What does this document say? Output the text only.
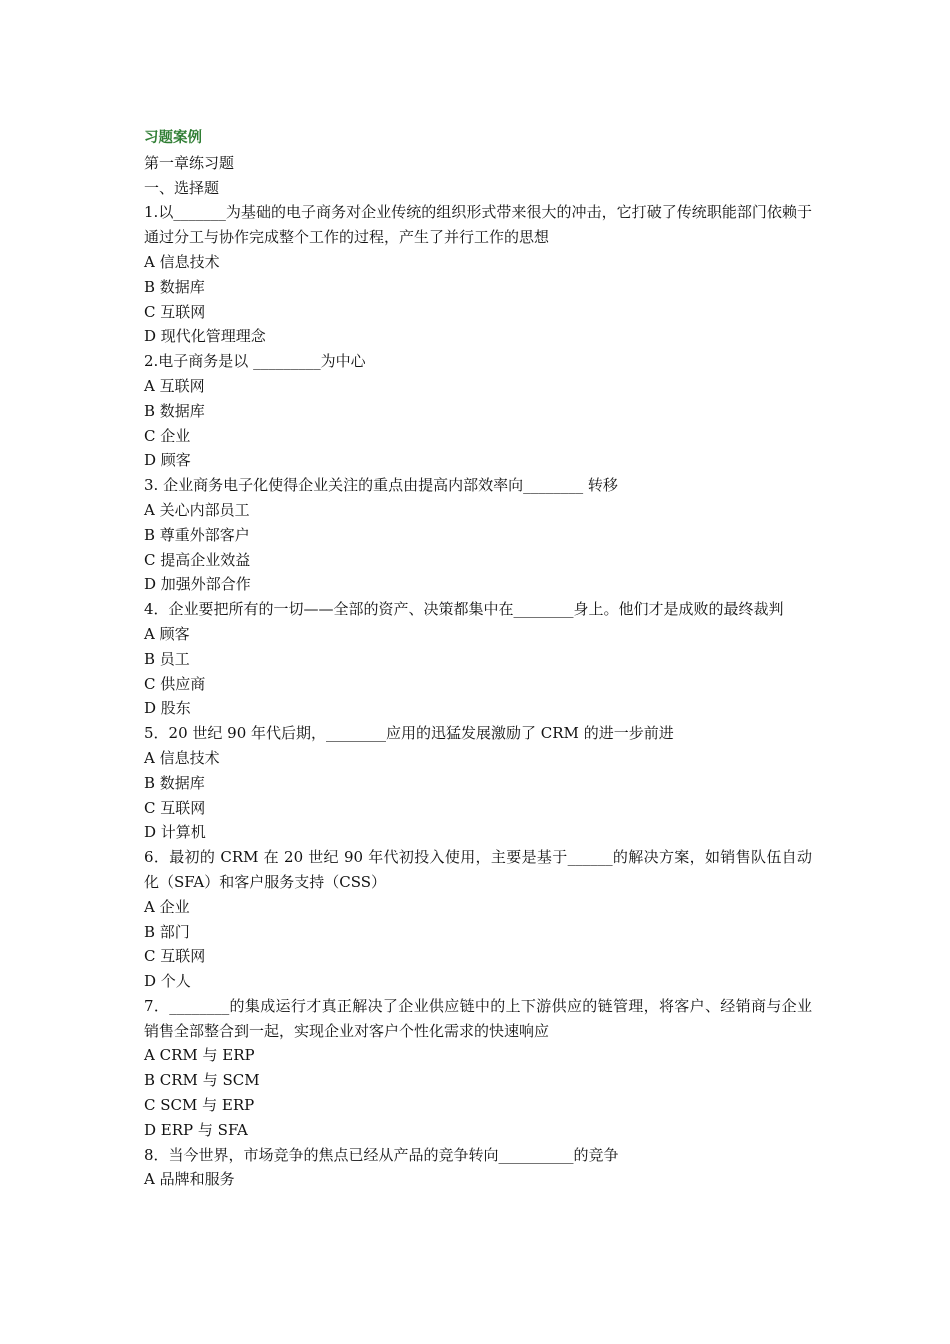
习题案例
第一章练习题
一、选择题
1.以_______为基础的电子商务对企业传统的组织形式带来很大的冲击，它打破了传统职能部门依赖于通过分工与协作完成整个工作的过程，产生了并行工作的思想
A 信息技术
B 数据库
C 互联网
D 现代化管理理念
2.电子商务是以 _________为中心
A 互联网
B 数据库
C 企业
D 顾客
3. 企业商务电子化使得企业关注的重点由提高内部效率向________ 转移
A 关心内部员工
B 尊重外部客户
C 提高企业效益
D 加强外部合作
4．企业要把所有的一切——全部的资产、决策都集中在________身上。他们才是成败的最终裁判
A 顾客
B 员工
C 供应商
D 股东
5．20 世纪 90 年代后期，________应用的迅猛发展激励了 CRM 的进一步前进
A 信息技术
B 数据库
C 互联网
D 计算机
6．最初的 CRM 在 20 世纪 90 年代初投入使用，主要是基于______的解决方案，如销售队伍自动化（SFA）和客户服务支持（CSS）
A 企业
B 部门
C 互联网
D 个人
7．________的集成运行才真正解决了企业供应链中的上下游供应的链管理，将客户、经销商与企业销售全部整合到一起，实现企业对客户个性化需求的快速响应
A CRM 与 ERP
B CRM 与 SCM
C SCM 与 ERP
D ERP 与 SFA
8．当今世界，市场竞争的焦点已经从产品的竞争转向__________的竞争
A 品牌和服务
